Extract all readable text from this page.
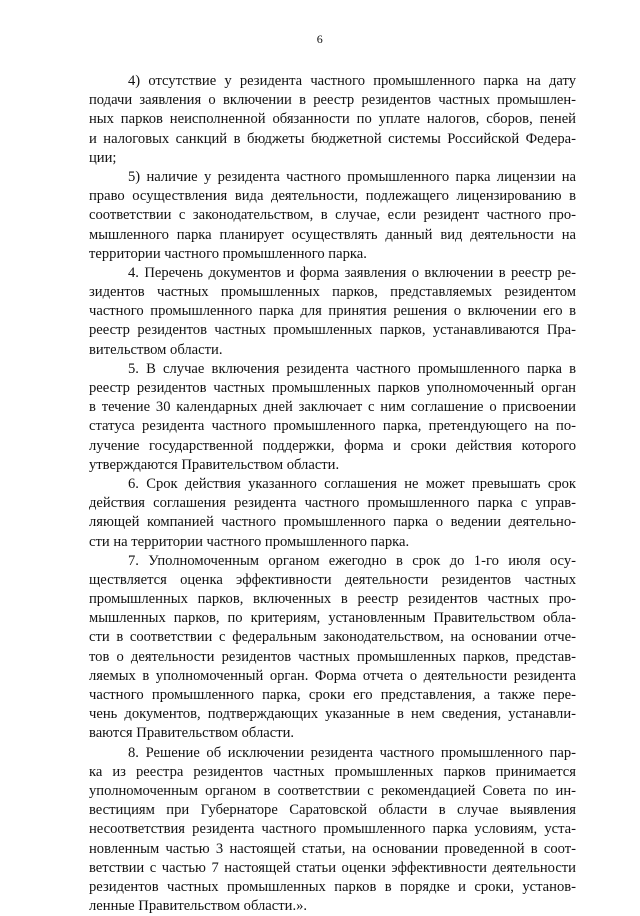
6
4) отсутствие у резидента частного промышленного парка на дату
подачи заявления о включении в реестр резидентов частных промышлен-
ных парков неисполненной обязанности по уплате налогов, сборов, пеней
и налоговых санкций в бюджеты бюджетной системы Российской Федера-
ции;
5) наличие у резидента частного промышленного парка лицензии на
право осуществления вида деятельности, подлежащего лицензированию в
соответствии с законодательством, в случае, если резидент частного про-
мышленного парка планирует осуществлять данный вид деятельности на
территории частного промышленного парка.
4. Перечень документов и форма заявления о включении в реестр ре-
зидентов частных промышленных парков, представляемых резидентом
частного промышленного парка для принятия решения о включении его в
реестр резидентов частных промышленных парков, устанавливаются Пра-
вительством области.
5. В случае включения резидента частного промышленного парка в
реестр резидентов частных промышленных парков уполномоченный орган
в течение 30 календарных дней заключает с ним соглашение о присвоении
статуса резидента частного промышленного парка, претендующего на по-
лучение государственной поддержки, форма и сроки действия которого
утверждаются Правительством области.
6. Срок действия указанного соглашения не может превышать срок
действия соглашения резидента частного промышленного парка с управ-
ляющей компанией частного промышленного парка о ведении деятельно-
сти на территории частного промышленного парка.
7. Уполномоченным органом ежегодно в срок до 1-го июля осу-
ществляется оценка эффективности деятельности резидентов частных
промышленных парков, включенных в реестр резидентов частных про-
мышленных парков, по критериям, установленным Правительством обла-
сти в соответствии с федеральным законодательством, на основании отче-
тов о деятельности резидентов частных промышленных парков, представ-
ляемых в уполномоченный орган. Форма отчета о деятельности резидента
частного промышленного парка, сроки его представления, а также пере-
чень документов, подтверждающих указанные в нем сведения, устанавли-
ваются Правительством области.
8. Решение об исключении резидента частного промышленного пар-
ка из реестра резидентов частных промышленных парков принимается
уполномоченным органом в соответствии с рекомендацией Совета по ин-
вестициям при Губернаторе Саратовской области в случае выявления
несоответствия резидента частного промышленного парка условиям, уста-
новленным частью 3 настоящей статьи, на основании проведенной в соот-
ветствии с частью 7 настоящей статьи оценки эффективности деятельности
резидентов частных промышленных парков в порядке и сроки, установ-
ленные Правительством области.».
